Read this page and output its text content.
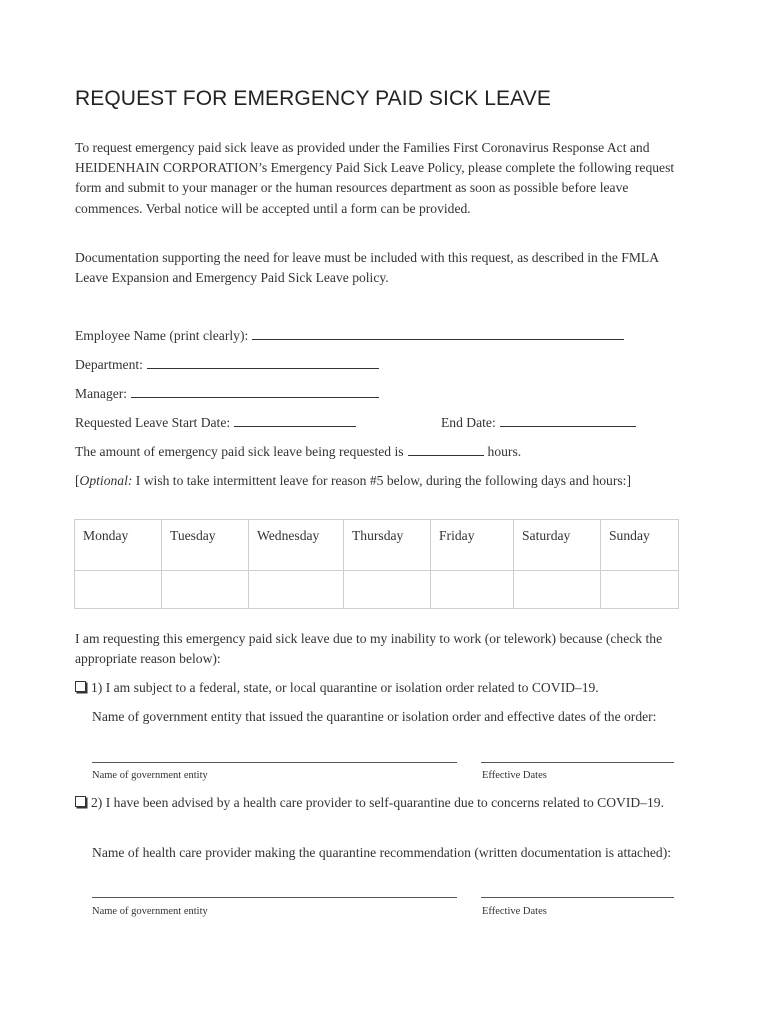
REQUEST FOR EMERGENCY PAID SICK LEAVE

To request emergency paid sick leave as provided under the Families First Coronavirus Response Act and HEIDENHAIN CORPORATION’s Emergency Paid Sick Leave Policy, please complete the following request form and submit to your manager or the human resources department as soon as possible before leave commences. Verbal notice will be accepted until a form can be provided.

Documentation supporting the need for leave must be included with this request, as described in the FMLA Leave Expansion and Emergency Paid Sick Leave policy.

Employee Name (print clearly):
Department:
Manager:
Requested Leave Start Date:	End Date:
The amount of emergency paid sick leave being requested is	hours.

[Optional: I wish to take intermittent leave for reason #5 below, during the following days and hours:]

Monday	Tuesday	Wednesday	Thursday	Friday	Saturday	Sunday

I am requesting this emergency paid sick leave due to my inability to work (or telework) because (check the appropriate reason below):

1) I am subject to a federal, state, or local quarantine or isolation order related to COVID–19.

Name of government entity that issued the quarantine or isolation order and effective dates of the order:

Name of government entity	Effective Dates

2) I have been advised by a health care provider to self-quarantine due to concerns related to COVID–19.

Name of health care provider making the quarantine recommendation (written documentation is attached):

Name of government entity	Effective Dates
